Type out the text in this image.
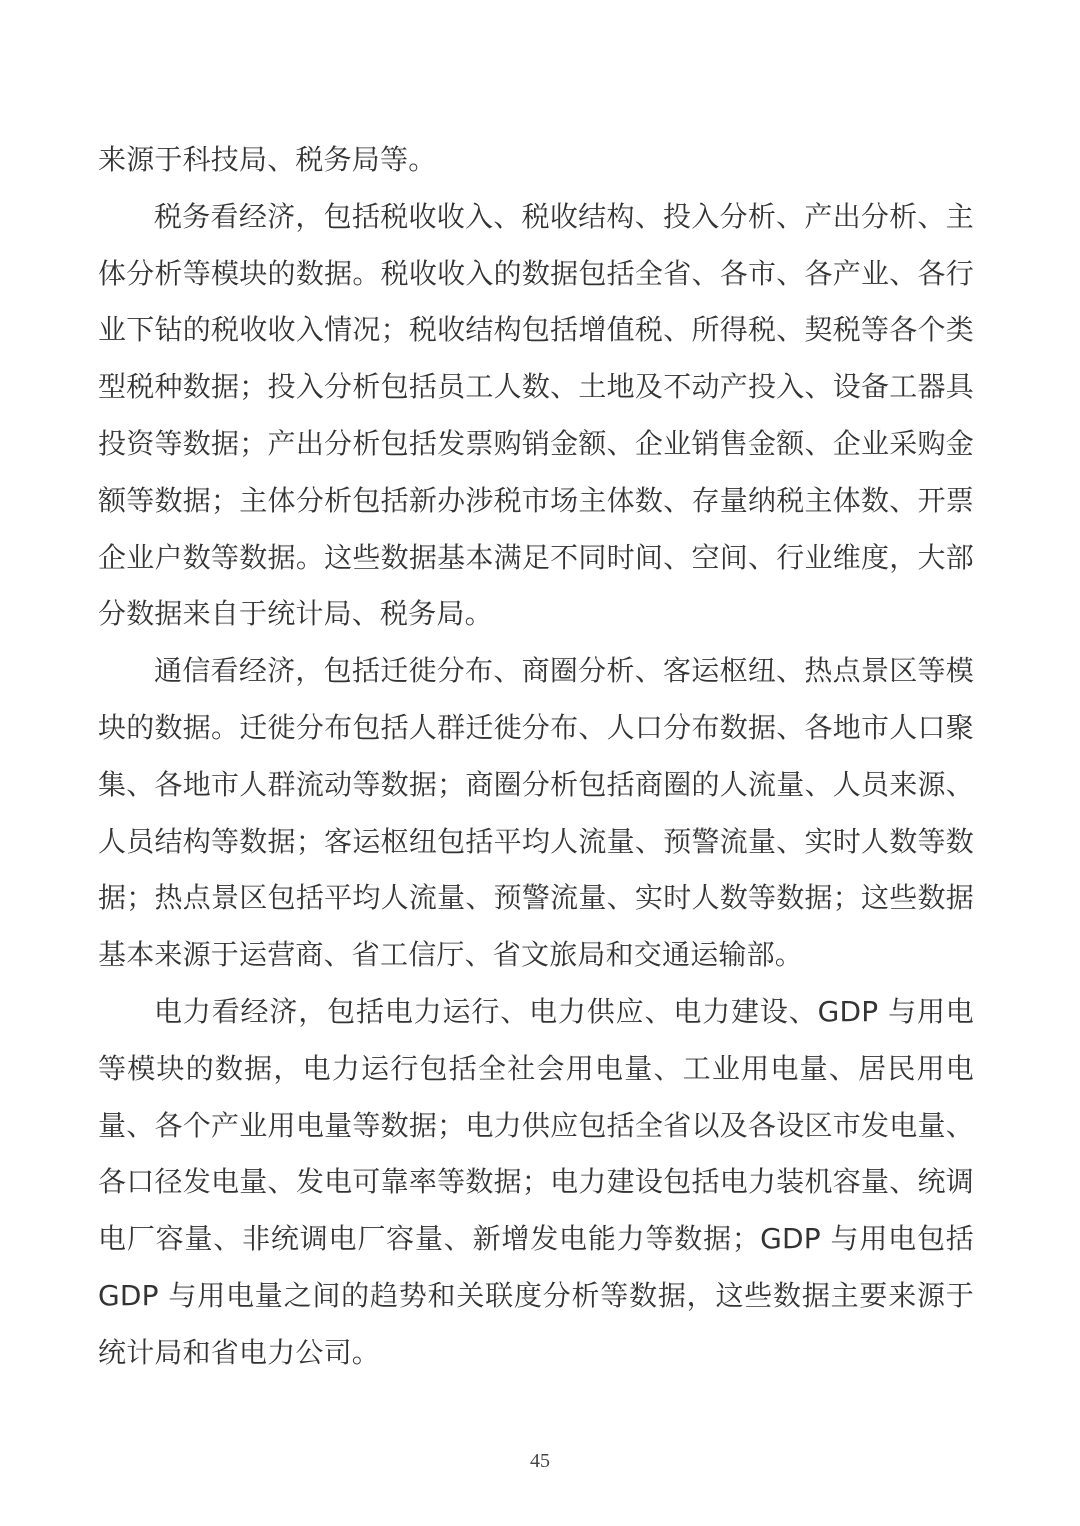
来源于科技局、税务局等。

税务看经济，包括税收收入、税收结构、投入分析、产出分析、主体分析等模块的数据。税收收入的数据包括全省、各市、各产业、各行业下钻的税收收入情况；税收结构包括增值税、所得税、契税等各个类型税种数据；投入分析包括员工人数、土地及不动产投入、设备工器具投资等数据；产出分析包括发票购销金额、企业销售金额、企业采购金额等数据；主体分析包括新办涉税市场主体数、存量纳税主体数、开票企业户数等数据。这些数据基本满足不同时间、空间、行业维度，大部分数据来自于统计局、税务局。

通信看经济，包括迁徙分布、商圈分析、客运枢纽、热点景区等模块的数据。迁徙分布包括人群迁徙分布、人口分布数据、各地市人口聚集、各地市人群流动等数据；商圈分析包括商圈的人流量、人员来源、人员结构等数据；客运枢纽包括平均人流量、预警流量、实时人数等数据；热点景区包括平均人流量、预警流量、实时人数等数据；这些数据基本来源于运营商、省工信厅、省文旅局和交通运输部。

电力看经济，包括电力运行、电力供应、电力建设、GDP 与用电等模块的数据，电力运行包括全社会用电量、工业用电量、居民用电量、各个产业用电量等数据；电力供应包括全省以及各设区市发电量、各口径发电量、发电可靠率等数据；电力建设包括电力装机容量、统调电厂容量、非统调电厂容量、新增发电能力等数据；GDP 与用电包括 GDP 与用电量之间的趋势和关联度分析等数据，这些数据主要来源于统计局和省电力公司。

45
